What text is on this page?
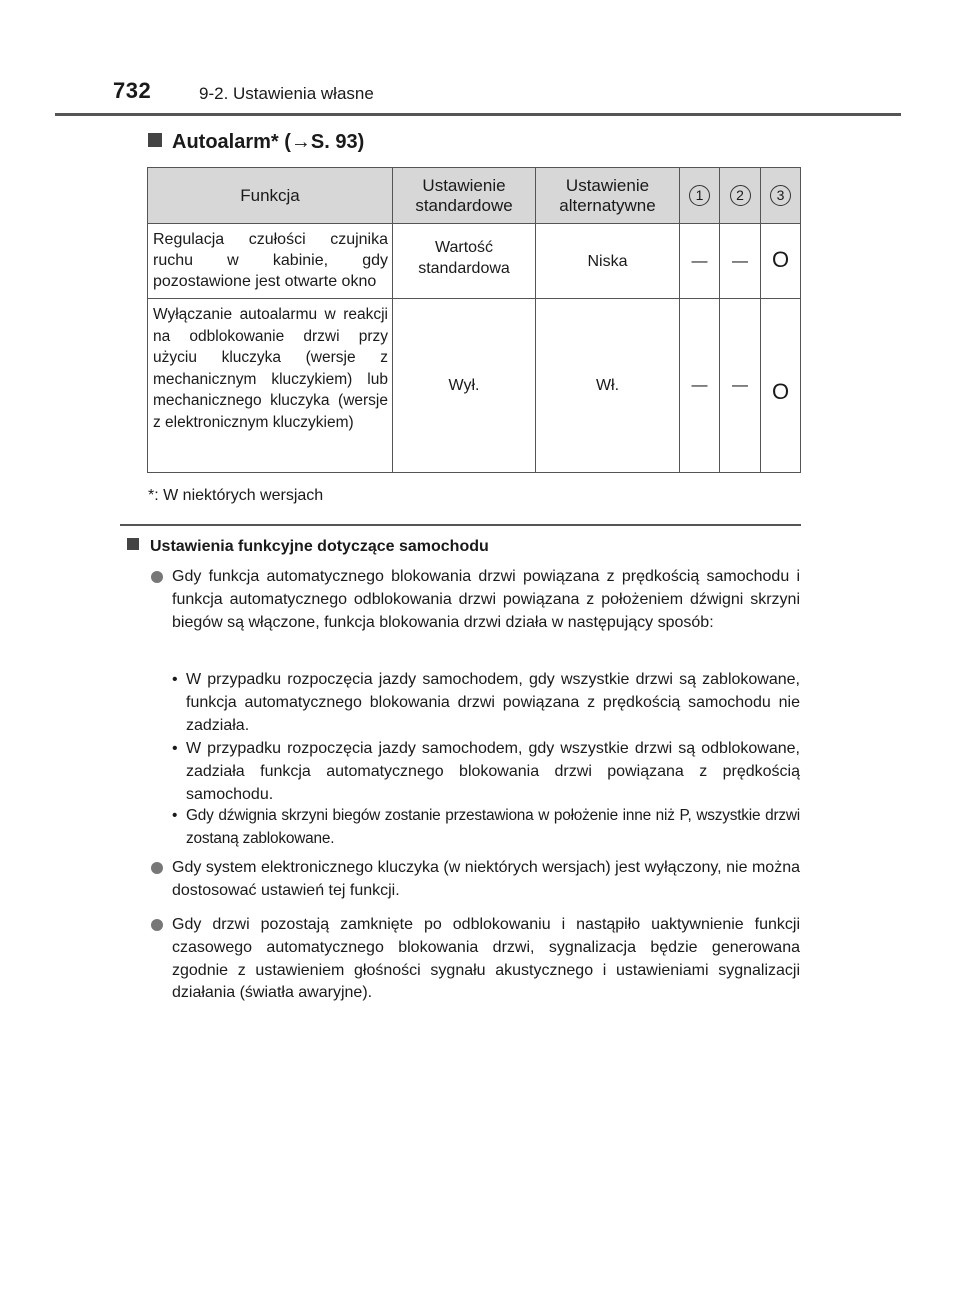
732	9-2. Ustawienia własne
Autoalarm* (→S. 93)
Funkcja	Ustawienie standardowe	Ustawienie alternatywne	1	2	3
Regulacja czułości czujnika ruchu w kabinie, gdy pozostawione jest otwarte okno	Wartość standardowa	Niska	—	—	O
Wyłączanie autoalarmu w reakcji na odblokowanie drzwi przy użyciu kluczyka (wersje z mechanicznym kluczykiem) lub mechanicznego kluczyka (wersje z elektronicznym kluczykiem)	Wył.	Wł.	—	—	O
*: W niektórych wersjach
Ustawienia funkcyjne dotyczące samochodu
Gdy funkcja automatycznego blokowania drzwi powiązana z prędkością samochodu i funkcja automatycznego odblokowania drzwi powiązana z położeniem dźwigni skrzyni biegów są włączone, funkcja blokowania drzwi działa w następujący sposób:
• W przypadku rozpoczęcia jazdy samochodem, gdy wszystkie drzwi są zablokowane, funkcja automatycznego blokowania drzwi powiązana z prędkością samochodu nie zadziała.
• W przypadku rozpoczęcia jazdy samochodem, gdy wszystkie drzwi są odblokowane, zadziała funkcja automatycznego blokowania drzwi powiązana z prędkością samochodu.
• Gdy dźwignia skrzyni biegów zostanie przestawiona w położenie inne niż P, wszystkie drzwi zostaną zablokowane.
Gdy system elektronicznego kluczyka (w niektórych wersjach) jest wyłączony, nie można dostosować ustawień tej funkcji.
Gdy drzwi pozostają zamknięte po odblokowaniu i nastąpiło uaktywnienie funkcji czasowego automatycznego blokowania drzwi, sygnalizacja będzie generowana zgodnie z ustawieniem głośności sygnału akustycznego i ustawieniami sygnalizacji działania (światła awaryjne).
